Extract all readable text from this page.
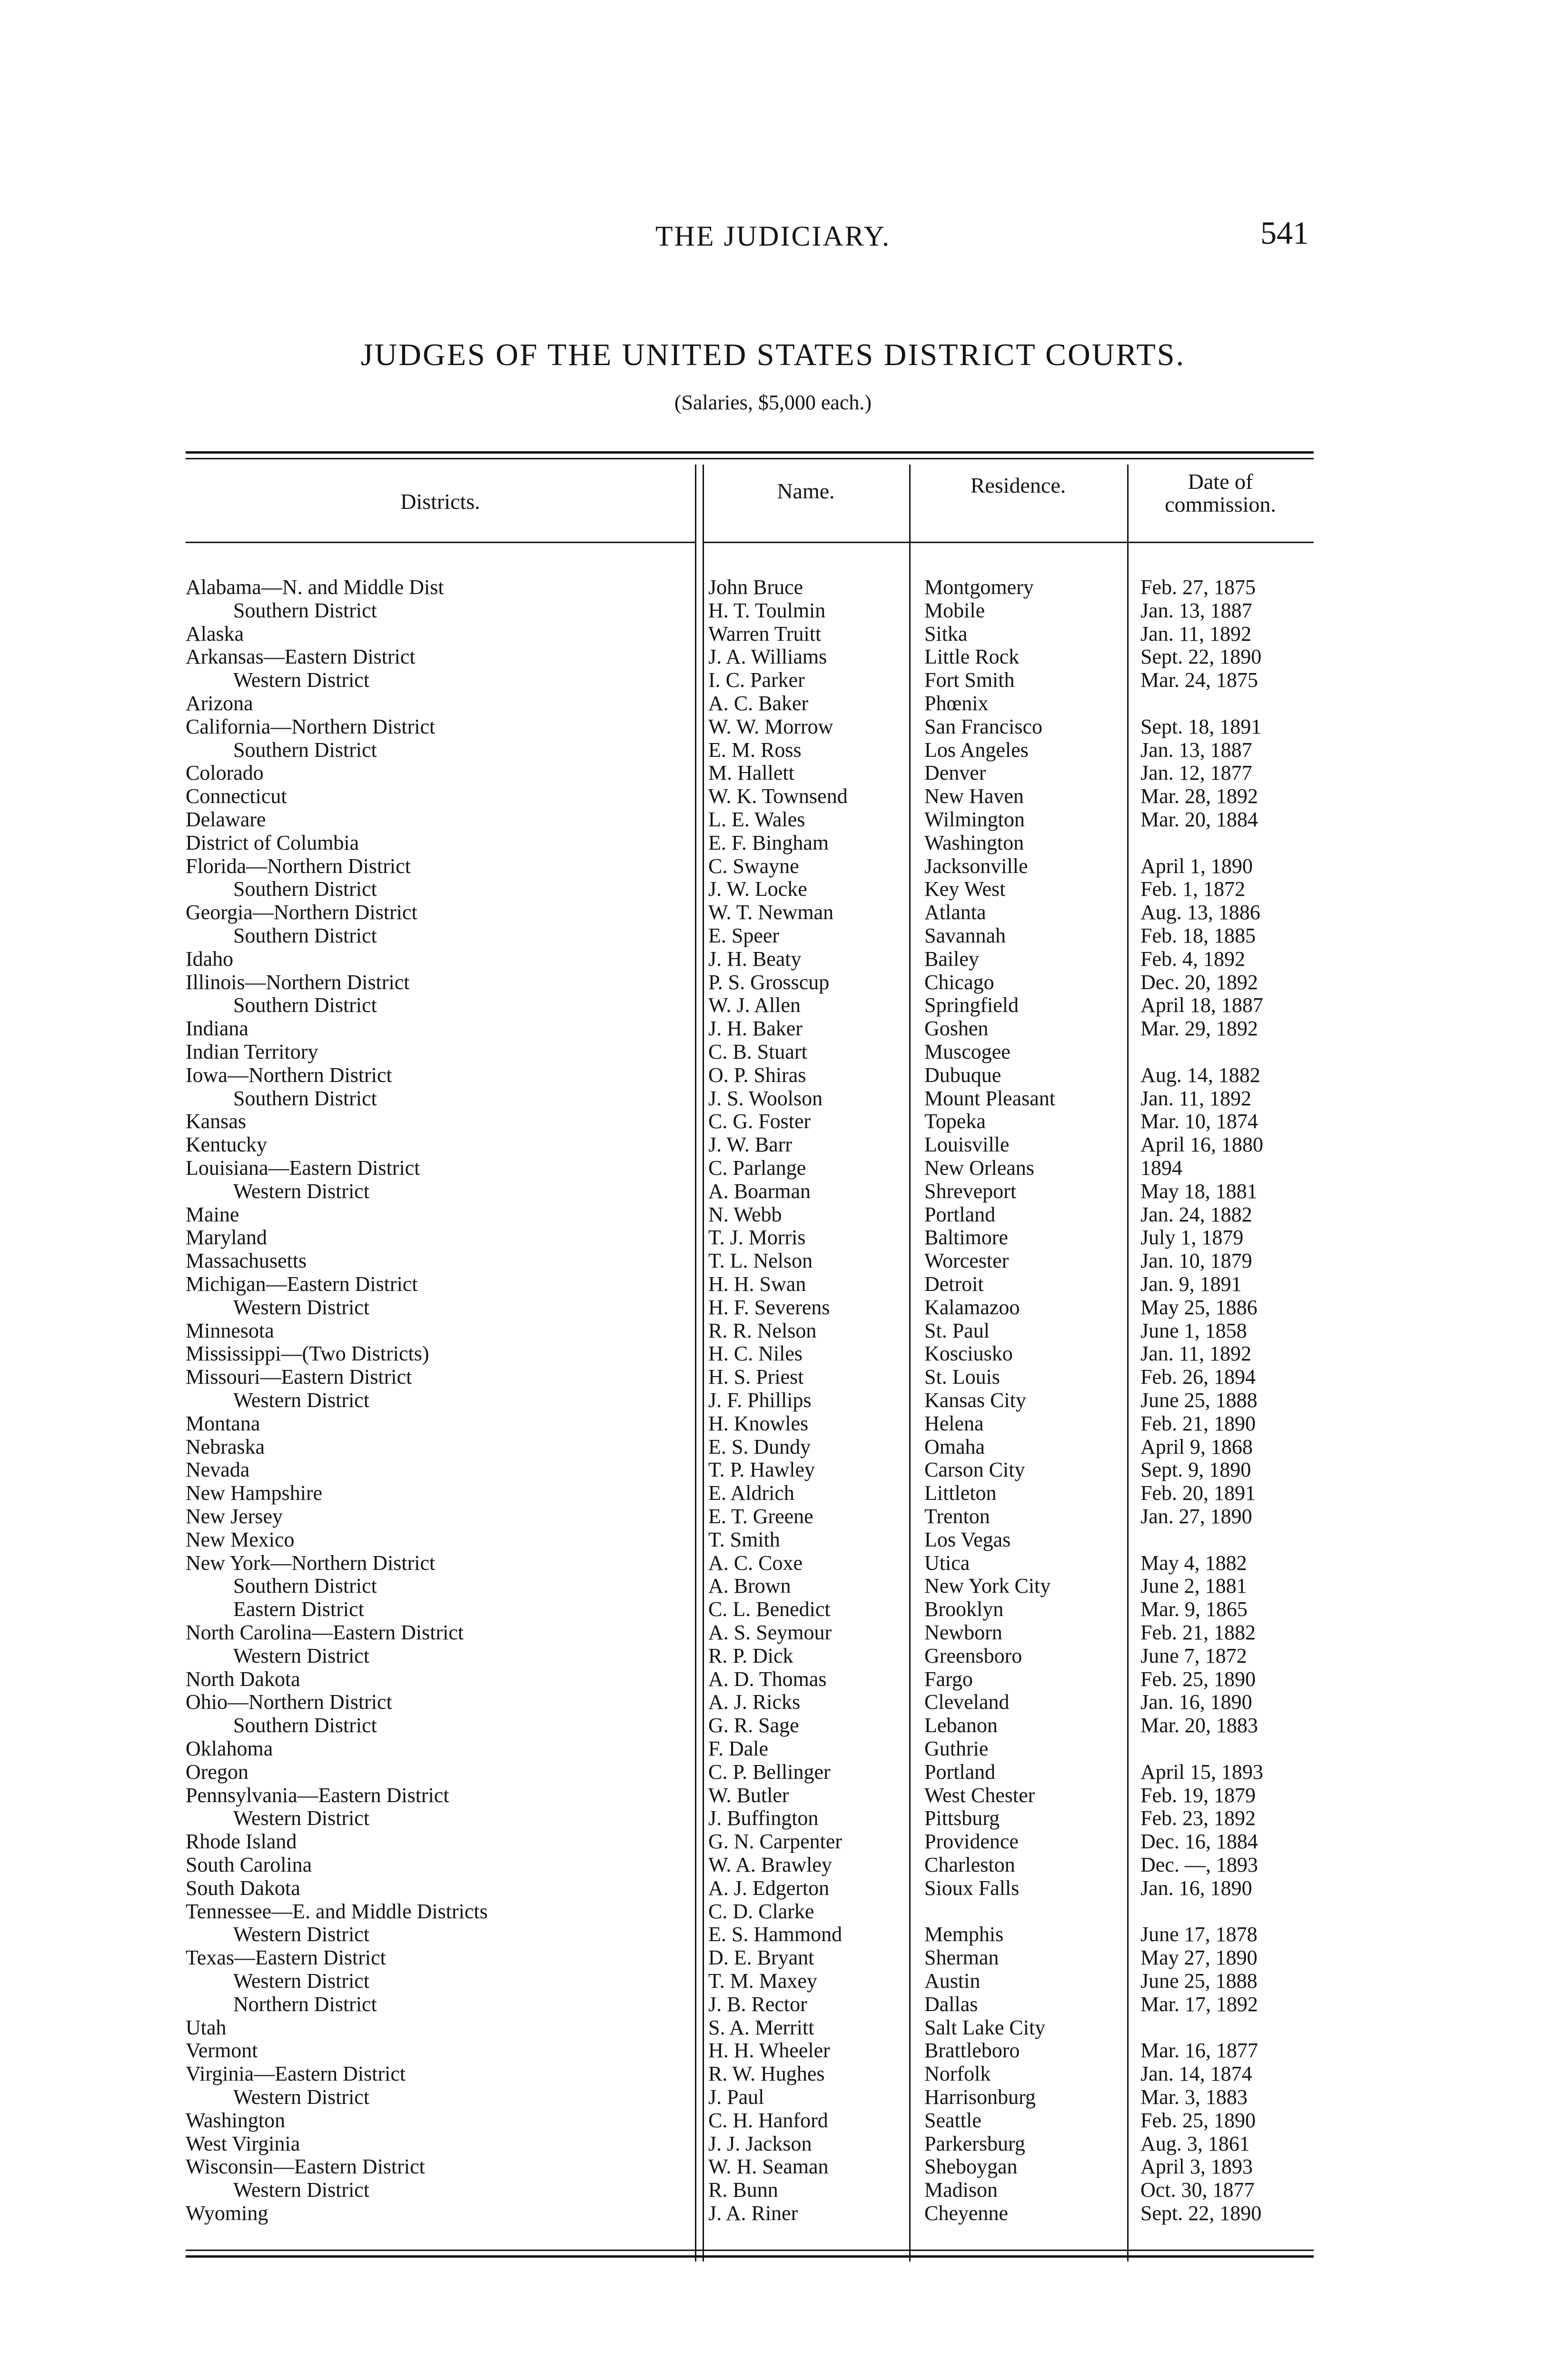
THE JUDICIARY.	541
JUDGES OF THE UNITED STATES DISTRICT COURTS.
(Salaries, $5,000 each.)
Districts.	Name.	Residence.	Date of
commission.
Alabama—N. and Middle Dist	John Bruce	Montgomery	Feb. 27, 1875
Southern District	H. T. Toulmin	Mobile	Jan. 13, 1887
Alaska	Warren Truitt	Sitka	Jan. 11, 1892
Arkansas—Eastern District	J. A. Williams	Little Rock	Sept. 22, 1890
Western District	I. C. Parker	Fort Smith	Mar. 24, 1875
Arizona	A. C. Baker	Phœnix
California—Northern District	W. W. Morrow	San Francisco	Sept. 18, 1891
Southern District	E. M. Ross	Los Angeles	Jan. 13, 1887
Colorado	M. Hallett	Denver	Jan. 12, 1877
Connecticut	W. K. Townsend	New Haven	Mar. 28, 1892
Delaware	L. E. Wales	Wilmington	Mar. 20, 1884
District of Columbia	E. F. Bingham	Washington
Florida—Northern District	C. Swayne	Jacksonville	April 1, 1890
Southern District	J. W. Locke	Key West	Feb. 1, 1872
Georgia—Northern District	W. T. Newman	Atlanta	Aug. 13, 1886
Southern District	E. Speer	Savannah	Feb. 18, 1885
Idaho	J. H. Beaty	Bailey	Feb. 4, 1892
Illinois—Northern District	P. S. Grosscup	Chicago	Dec. 20, 1892
Southern District	W. J. Allen	Springfield	April 18, 1887
Indiana	J. H. Baker	Goshen	Mar. 29, 1892
Indian Territory	C. B. Stuart	Muscogee
Iowa—Northern District	O. P. Shiras	Dubuque	Aug. 14, 1882
Southern District	J. S. Woolson	Mount Pleasant	Jan. 11, 1892
Kansas	C. G. Foster	Topeka	Mar. 10, 1874
Kentucky	J. W. Barr	Louisville	April 16, 1880
Louisiana—Eastern District	C. Parlange	New Orleans	1894
Western District	A. Boarman	Shreveport	May 18, 1881
Maine	N. Webb	Portland	Jan. 24, 1882
Maryland	T. J. Morris	Baltimore	July 1, 1879
Massachusetts	T. L. Nelson	Worcester	Jan. 10, 1879
Michigan—Eastern District	H. H. Swan	Detroit	Jan. 9, 1891
Western District	H. F. Severens	Kalamazoo	May 25, 1886
Minnesota	R. R. Nelson	St. Paul	June 1, 1858
Mississippi—(Two Districts)	H. C. Niles	Kosciusko	Jan. 11, 1892
Missouri—Eastern District	H. S. Priest	St. Louis	Feb. 26, 1894
Western District	J. F. Phillips	Kansas City	June 25, 1888
Montana	H. Knowles	Helena	Feb. 21, 1890
Nebraska	E. S. Dundy	Omaha	April 9, 1868
Nevada	T. P. Hawley	Carson City	Sept. 9, 1890
New Hampshire	E. Aldrich	Littleton	Feb. 20, 1891
New Jersey	E. T. Greene	Trenton	Jan. 27, 1890
New Mexico	T. Smith	Los Vegas
New York—Northern District	A. C. Coxe	Utica	May 4, 1882
Southern District	A. Brown	New York City	June 2, 1881
Eastern District	C. L. Benedict	Brooklyn	Mar. 9, 1865
North Carolina—Eastern District	A. S. Seymour	Newborn	Feb. 21, 1882
Western District	R. P. Dick	Greensboro	June 7, 1872
North Dakota	A. D. Thomas	Fargo	Feb. 25, 1890
Ohio—Northern District	A. J. Ricks	Cleveland	Jan. 16, 1890
Southern District	G. R. Sage	Lebanon	Mar. 20, 1883
Oklahoma	F. Dale	Guthrie
Oregon	C. P. Bellinger	Portland	April 15, 1893
Pennsylvania—Eastern District	W. Butler	West Chester	Feb. 19, 1879
Western District	J. Buffington	Pittsburg	Feb. 23, 1892
Rhode Island	G. N. Carpenter	Providence	Dec. 16, 1884
South Carolina	W. A. Brawley	Charleston	Dec. —, 1893
South Dakota	A. J. Edgerton	Sioux Falls	Jan. 16, 1890
Tennessee—E. and Middle Districts	C. D. Clarke
Western District	E. S. Hammond	Memphis	June 17, 1878
Texas—Eastern District	D. E. Bryant	Sherman	May 27, 1890
Western District	T. M. Maxey	Austin	June 25, 1888
Northern District	J. B. Rector	Dallas	Mar. 17, 1892
Utah	S. A. Merritt	Salt Lake City
Vermont	H. H. Wheeler	Brattleboro	Mar. 16, 1877
Virginia—Eastern District	R. W. Hughes	Norfolk	Jan. 14, 1874
Western District	J. Paul	Harrisonburg	Mar. 3, 1883
Washington	C. H. Hanford	Seattle	Feb. 25, 1890
West Virginia	J. J. Jackson	Parkersburg	Aug. 3, 1861
Wisconsin—Eastern District	W. H. Seaman	Sheboygan	April 3, 1893
Western District	R. Bunn	Madison	Oct. 30, 1877
Wyoming	J. A. Riner	Cheyenne	Sept. 22, 1890
